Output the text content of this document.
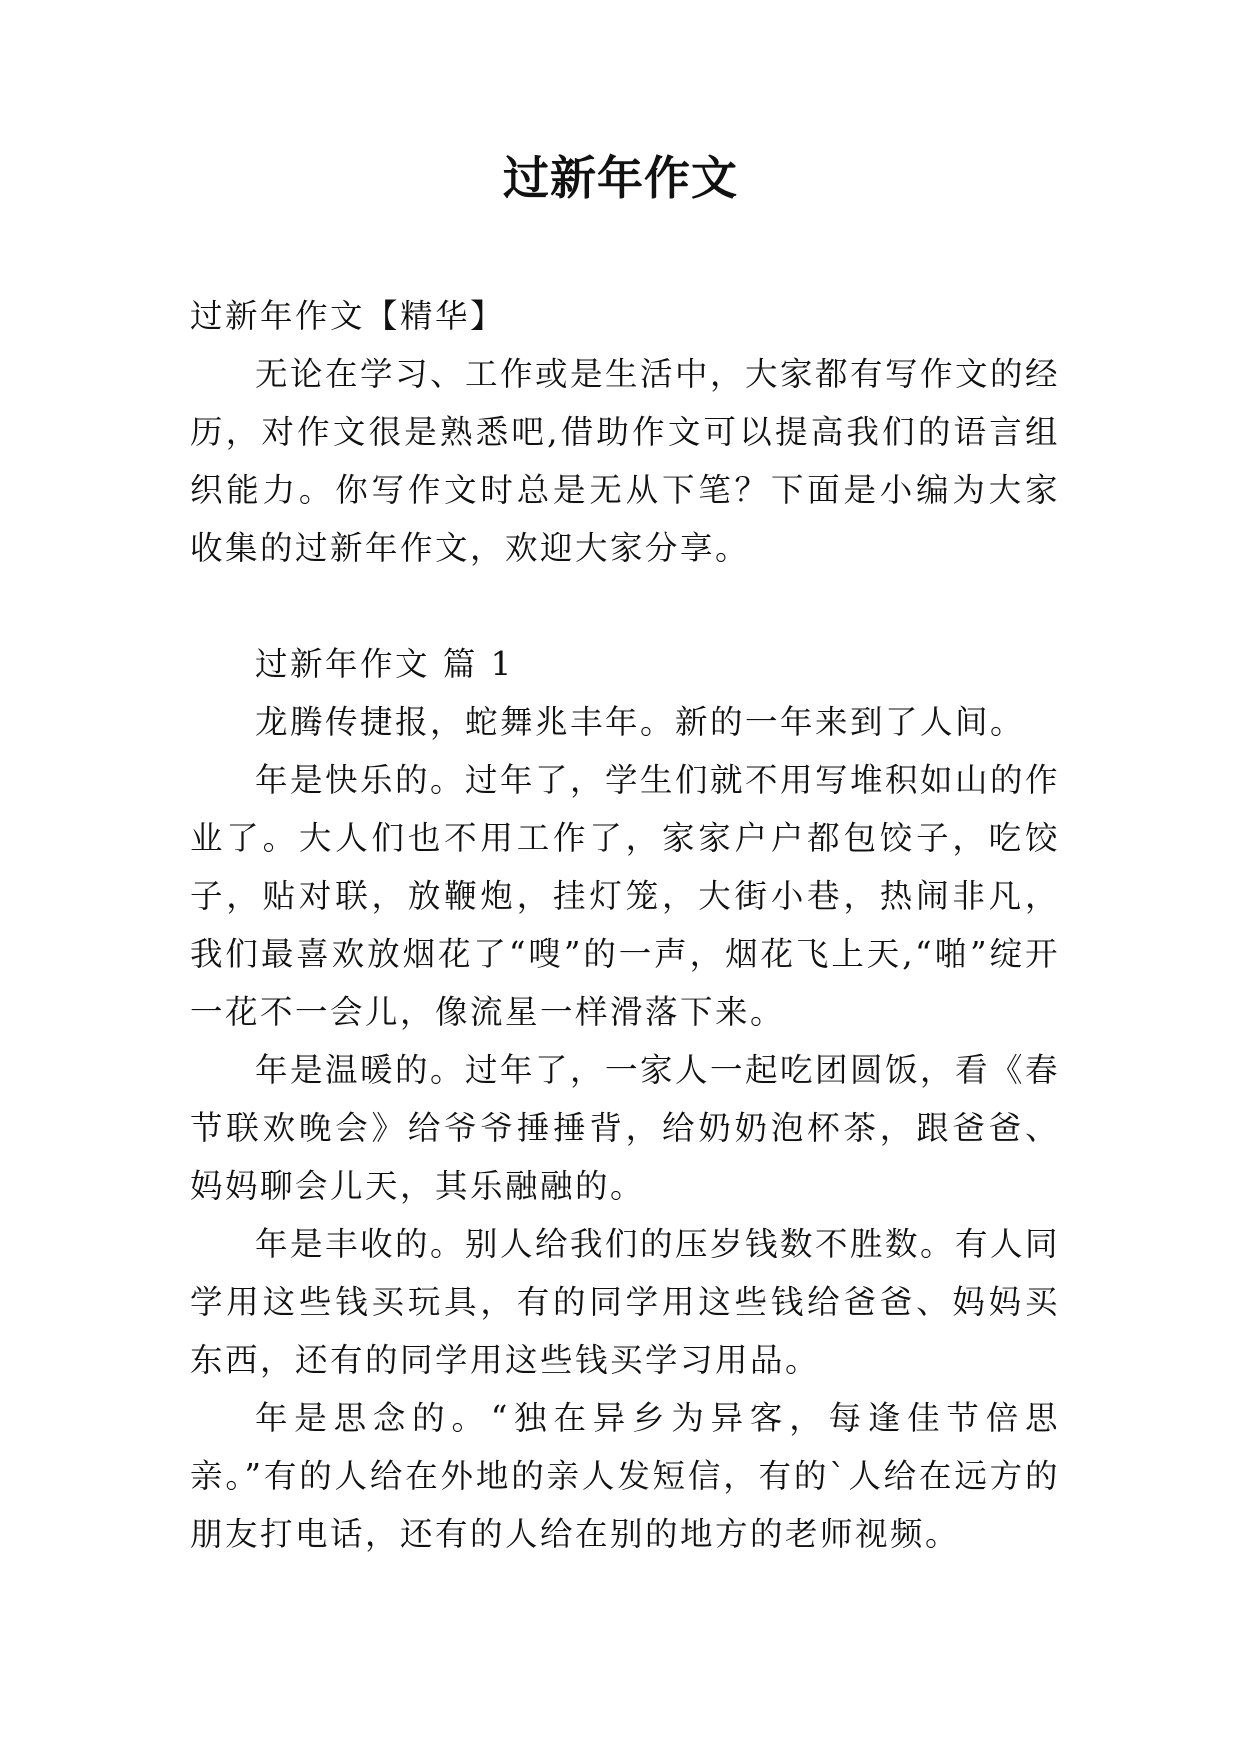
过新年作文
过新年作文【精华】

无论在学习、工作或是生活中，大家都有写作文的经历，对作文很是熟悉吧,借助作文可以提高我们的语言组织能力。你写作文时总是无从下笔？下面是小编为大家收集的过新年作文，欢迎大家分享。

过新年作文 篇 1

龙腾传捷报，蛇舞兆丰年。新的一年来到了人间。

年是快乐的。过年了，学生们就不用写堆积如山的作业了。大人们也不用工作了，家家户户都包饺子，吃饺子，贴对联，放鞭炮，挂灯笼，大街小巷，热闹非凡，我们最喜欢放烟花了“嗖”的一声，烟花飞上天,“啪”绽开一花不一会儿，像流星一样滑落下来。

年是温暖的。过年了，一家人一起吃团圆饭，看《春节联欢晚会》给爷爷捶捶背，给奶奶泡杯茶，跟爸爸、妈妈聊会儿天，其乐融融的。

年是丰收的。别人给我们的压岁钱数不胜数。有人同学用这些钱买玩具，有的同学用这些钱给爸爸、妈妈买东西，还有的同学用这些钱买学习用品。

年是思念的。“独在异乡为异客，每逢佳节倍思亲。”有的人给在外地的亲人发短信，有的`人给在远方的朋友打电话，还有的人给在别的地方的老师视频。
